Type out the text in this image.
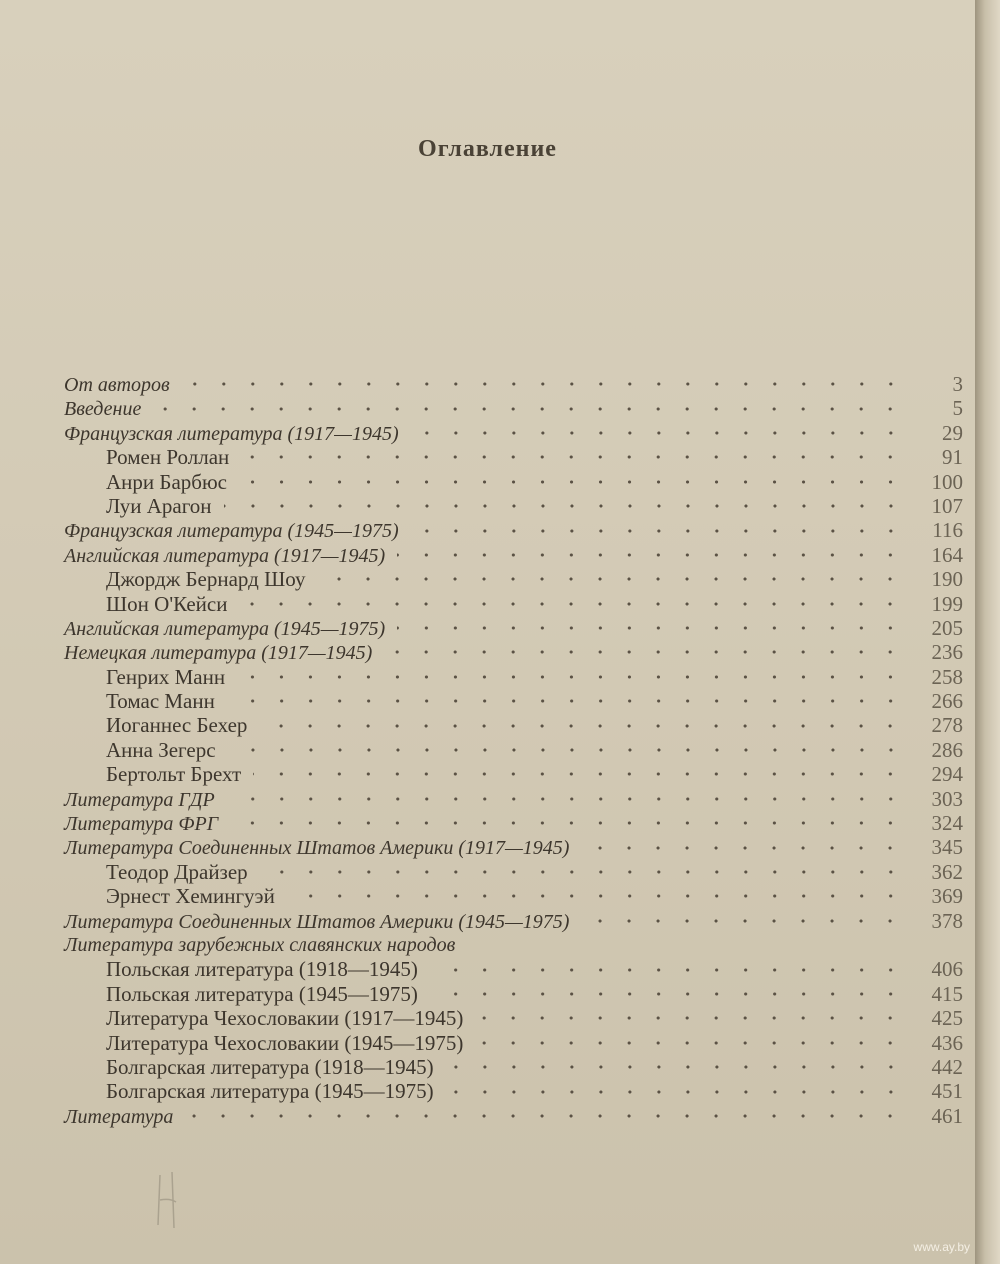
Оглавление
От авторов	3
Введение	5
Французская литература (1917—1945)	29
Ромен Роллан	91
Анри Барбюс	100
Луи Арагон	107
Французская литература (1945—1975)	116
Английская литература (1917—1945)	164
Джордж Бернард Шоу	190
Шон О'Кейси	199
Английская литература (1945—1975)	205
Немецкая литература (1917—1945)	236
Генрих Манн	258
Томас Манн	266
Иоганнес Бехер	278
Анна Зегерс	286
Бертольт Брехт	294
Литература ГДР	303
Литература ФРГ	324
Литература Соединенных Штатов Америки (1917—1945)	345
Теодор Драйзер	362
Эрнест Хемингуэй	369
Литература Соединенных Штатов Америки (1945—1975)	378
Литература зарубежных славянских народов
Польская литература (1918—1945)	406
Польская литература (1945—1975)	415
Литература Чехословакии (1917—1945)	425
Литература Чехословакии (1945—1975)	436
Болгарская литература (1918—1945)	442
Болгарская литература (1945—1975)	451
Литература	461
www.ay.by
